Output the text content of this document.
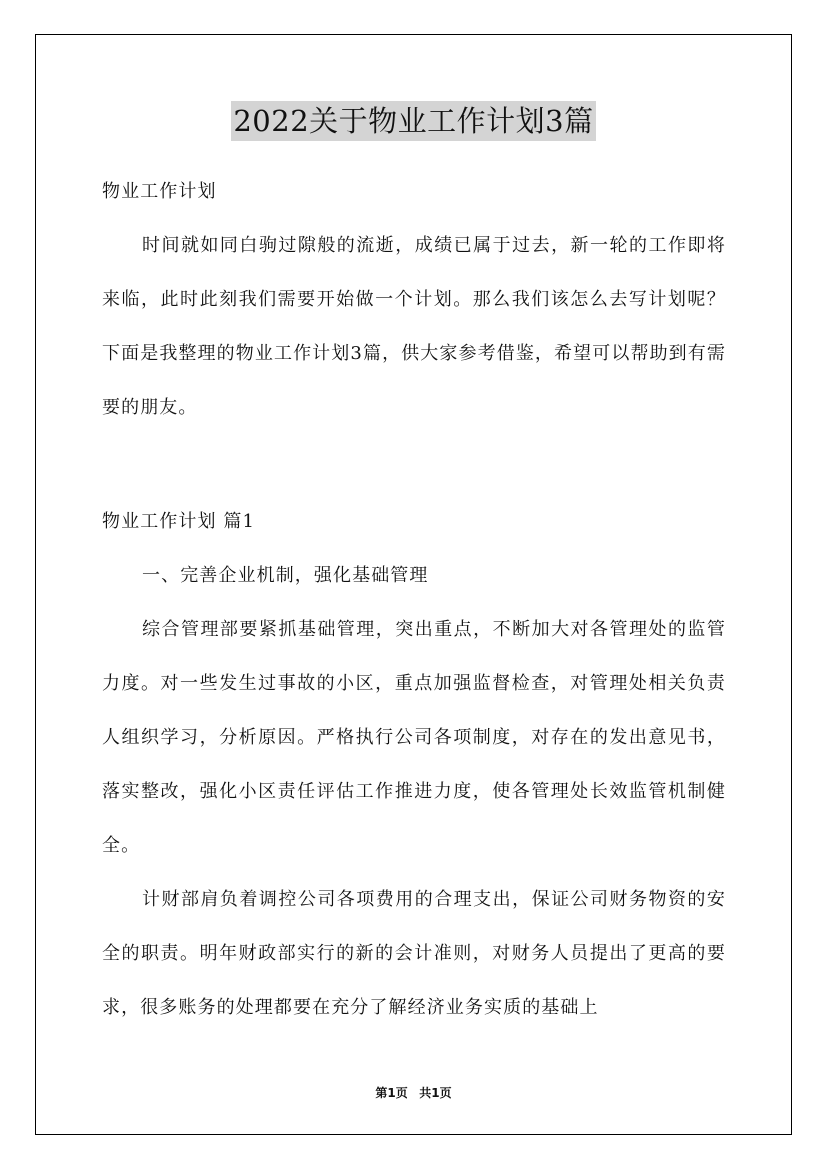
2022关于物业工作计划3篇

物业工作计划

时间就如同白驹过隙般的流逝，成绩已属于过去，新一轮的工作即将来临，此时此刻我们需要开始做一个计划。那么我们该怎么去写计划呢？下面是我整理的物业工作计划3篇，供大家参考借鉴，希望可以帮助到有需要的朋友。

物业工作计划 篇1

一、完善企业机制，强化基础管理

综合管理部要紧抓基础管理，突出重点，不断加大对各管理处的监管力度。对一些发生过事故的小区，重点加强监督检查，对管理处相关负责人组织学习，分析原因。严格执行公司各项制度，对存在的发出意见书，落实整改，强化小区责任评估工作推进力度，使各管理处长效监管机制健全。

计财部肩负着调控公司各项费用的合理支出，保证公司财务物资的安全的职责。明年财政部实行的新的会计准则，对财务人员提出了更高的要求，很多账务的处理都要在充分了解经济业务实质的基础上

第1页 共1页
